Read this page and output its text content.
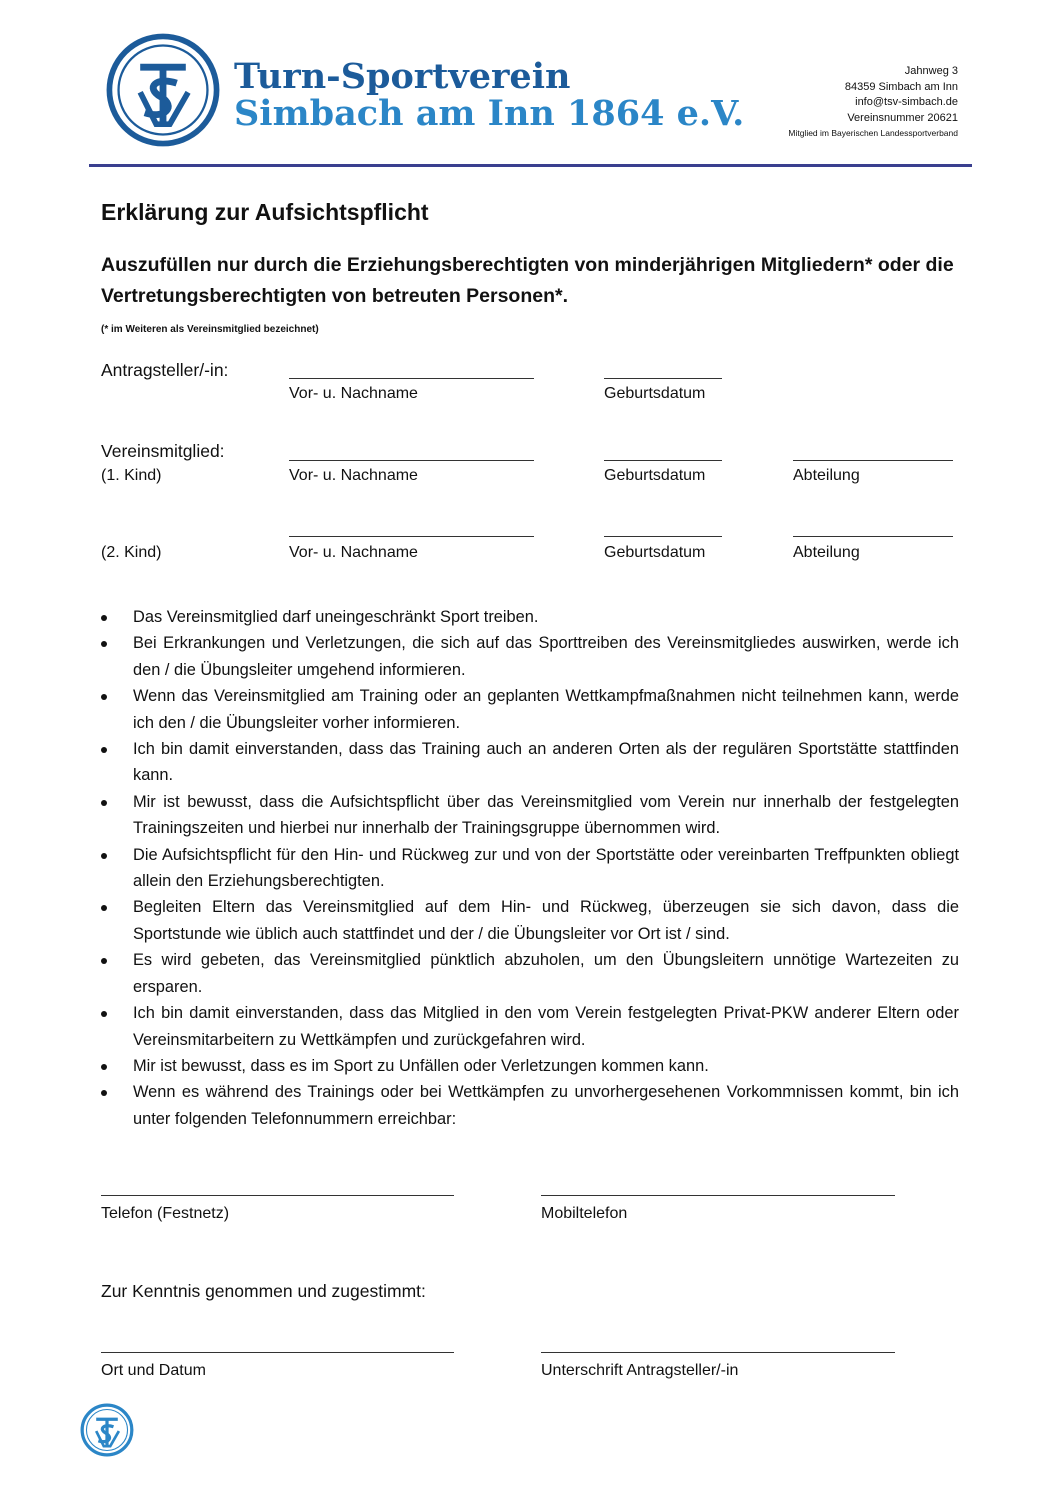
Turn-Sportverein
Simbach am Inn 1864 e.V.
Jahnweg 3
84359 Simbach am Inn
info@tsv-simbach.de
Vereinsnummer 20621
Mitglied im Bayerischen Landessportverband
Erklärung zur Aufsichtspflicht
Auszufüllen nur durch die Erziehungsberechtigten von minderjährigen Mitgliedern* oder die Vertretungsberechtigten von betreuten Personen*.
(* im Weiteren als Vereinsmitglied bezeichnet)
Antragsteller/-in:
Vor- u. Nachname	Geburtsdatum
Vereinsmitglied:
(1. Kind)	Vor- u. Nachname	Geburtsdatum	Abteilung
(2. Kind)	Vor- u. Nachname	Geburtsdatum	Abteilung
Das Vereinsmitglied darf uneingeschränkt Sport treiben.
Bei Erkrankungen und Verletzungen, die sich auf das Sporttreiben des Vereinsmitgliedes auswirken, werde ich den / die Übungsleiter umgehend informieren.
Wenn das Vereinsmitglied am Training oder an geplanten Wettkampfmaßnahmen nicht teilnehmen kann, werde ich den / die Übungsleiter vorher informieren.
Ich bin damit einverstanden, dass das Training auch an anderen Orten als der regulären Sportstätte stattfinden kann.
Mir ist bewusst, dass die Aufsichtspflicht über das Vereinsmitglied vom Verein nur innerhalb der festgelegten Trainingszeiten und hierbei nur innerhalb der Trainingsgruppe übernommen wird.
Die Aufsichtspflicht für den Hin- und Rückweg zur und von der Sportstätte oder vereinbarten Treffpunkten obliegt allein den Erziehungsberechtigten.
Begleiten Eltern das Vereinsmitglied auf dem Hin- und Rückweg, überzeugen sie sich davon, dass die Sportstunde wie üblich auch stattfindet und der / die Übungsleiter vor Ort ist / sind.
Es wird gebeten, das Vereinsmitglied pünktlich abzuholen, um den Übungsleitern unnötige Wartezeiten zu ersparen.
Ich bin damit einverstanden, dass das Mitglied in den vom Verein festgelegten Privat-PKW anderer Eltern oder Vereinsmitarbeitern zu Wettkämpfen und zurückgefahren wird.
Mir ist bewusst, dass es im Sport zu Unfällen oder Verletzungen kommen kann.
Wenn es während des Trainings oder bei Wettkämpfen zu unvorhergesehenen Vorkommnissen kommt, bin ich unter folgenden Telefonnummern erreichbar:
Telefon (Festnetz)	Mobiltelefon
Zur Kenntnis genommen und zugestimmt:
Ort und Datum	Unterschrift Antragsteller/-in
